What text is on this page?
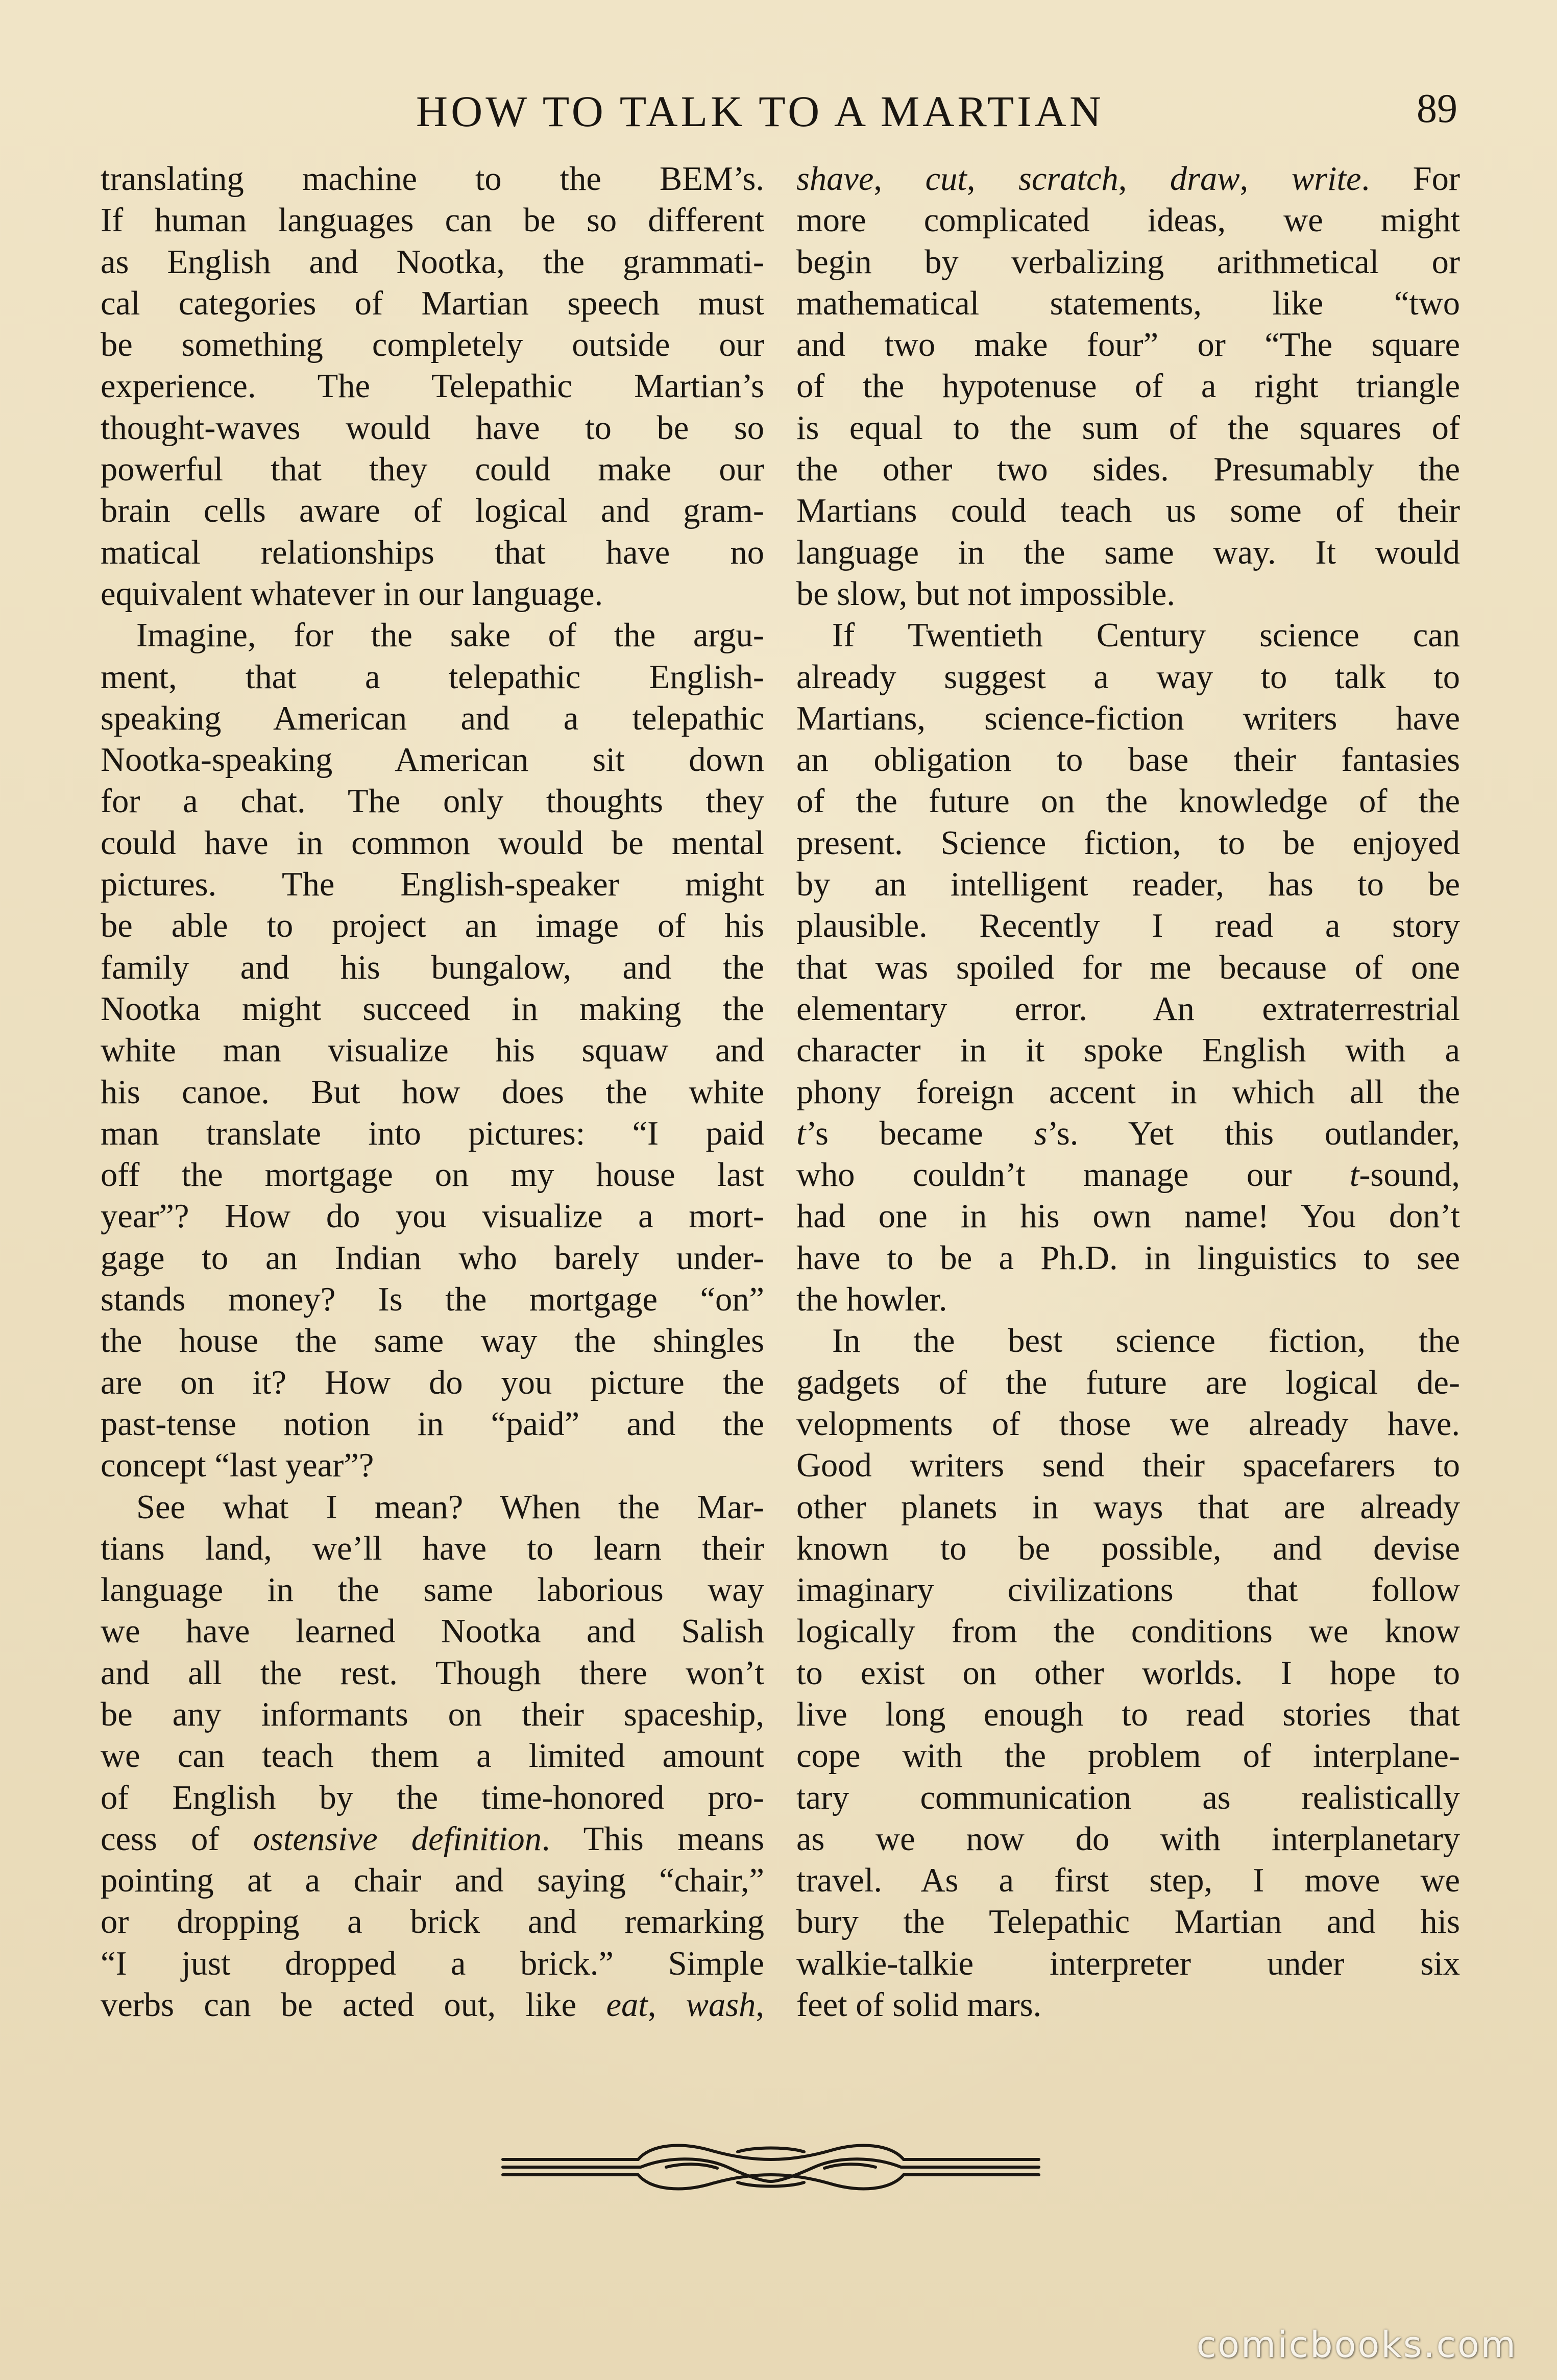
HOW TO TALK TO A MARTIAN	89
translating machine to the BEM’s.
If human languages can be so different
as English and Nootka, the grammati-
cal categories of Martian speech must
be something completely outside our
experience. The Telepathic Martian’s
thought-waves would have to be so
powerful that they could make our
brain cells aware of logical and gram-
matical relationships that have no
equivalent whatever in our language.
Imagine, for the sake of the argu-
ment, that a telepathic English-
speaking American and a telepathic
Nootka-speaking American sit down
for a chat. The only thoughts they
could have in common would be mental
pictures. The English-speaker might
be able to project an image of his
family and his bungalow, and the
Nootka might succeed in making the
white man visualize his squaw and
his canoe. But how does the white
man translate into pictures: “I paid
off the mortgage on my house last
year”? How do you visualize a mort-
gage to an Indian who barely under-
stands money? Is the mortgage “on”
the house the same way the shingles
are on it? How do you picture the
past-tense notion in “paid” and the
concept “last year”?
See what I mean? When the Mar-
tians land, we’ll have to learn their
language in the same laborious way
we have learned Nootka and Salish
and all the rest. Though there won’t
be any informants on their spaceship,
we can teach them a limited amount
of English by the time-honored pro-
cess of ostensive definition. This means
pointing at a chair and saying “chair,”
or dropping a brick and remarking
“I just dropped a brick.” Simple
verbs can be acted out, like eat, wash,
shave, cut, scratch, draw, write. For
more complicated ideas, we might
begin by verbalizing arithmetical or
mathematical statements, like “two
and two make four” or “The square
of the hypotenuse of a right triangle
is equal to the sum of the squares of
the other two sides. Presumably the
Martians could teach us some of their
language in the same way. It would
be slow, but not impossible.
If Twentieth Century science can
already suggest a way to talk to
Martians, science-fiction writers have
an obligation to base their fantasies
of the future on the knowledge of the
present. Science fiction, to be enjoyed
by an intelligent reader, has to be
plausible. Recently I read a story
that was spoiled for me because of one
elementary error. An extraterrestrial
character in it spoke English with a
phony foreign accent in which all the
t’s became s’s. Yet this outlander,
who couldn’t manage our t-sound,
had one in his own name! You don’t
have to be a Ph.D. in linguistics to see
the howler.
In the best science fiction, the
gadgets of the future are logical de-
velopments of those we already have.
Good writers send their spacefarers to
other planets in ways that are already
known to be possible, and devise
imaginary civilizations that follow
logically from the conditions we know
to exist on other worlds. I hope to
live long enough to read stories that
cope with the problem of interplane-
tary communication as realistically
as we now do with interplanetary
travel. As a first step, I move we
bury the Telepathic Martian and his
walkie-talkie interpreter under six
feet of solid mars.
comicbooks.com
